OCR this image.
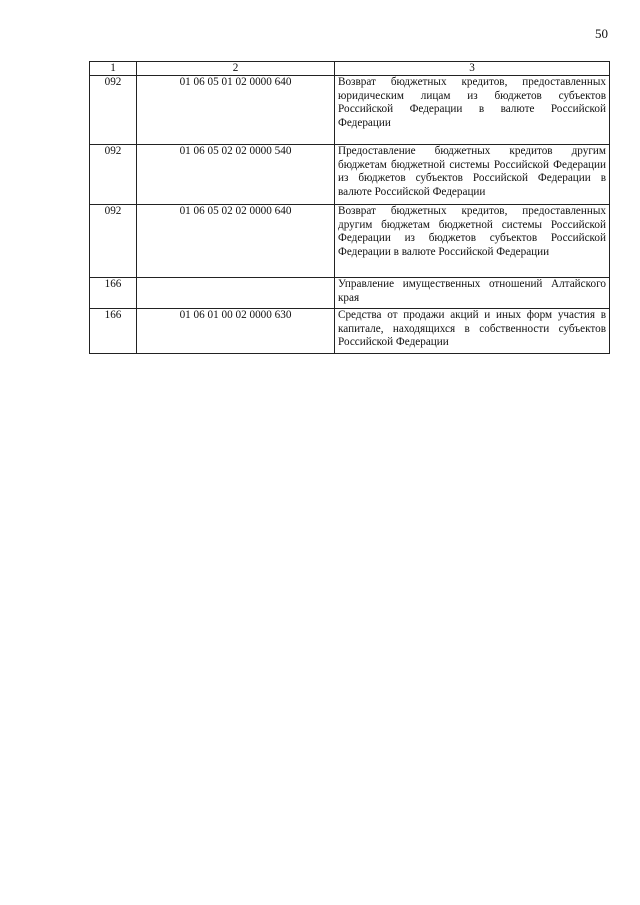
50
1	2	3
092	01 06 05 01 02 0000 640	Возврат бюджетных кредитов, предоставленных юридическим лицам из бюджетов субъектов Российской Федерации в валюте Российской Федерации
092	01 06 05 02 02 0000 540	Предоставление бюджетных кредитов другим бюджетам бюджетной системы Российской Федерации из бюджетов субъектов Российской Федерации в валюте Российской Федерации
092	01 06 05 02 02 0000 640	Возврат бюджетных кредитов, предоставленных другим бюджетам бюджетной системы Российской Федерации из бюджетов субъектов Российской Федерации в валюте Российской Федерации
166		Управление имущественных отношений Алтайского края
166	01 06 01 00 02 0000 630	Средства от продажи акций и иных форм участия в капитале, находящихся в собственности субъектов Российской Федерации
